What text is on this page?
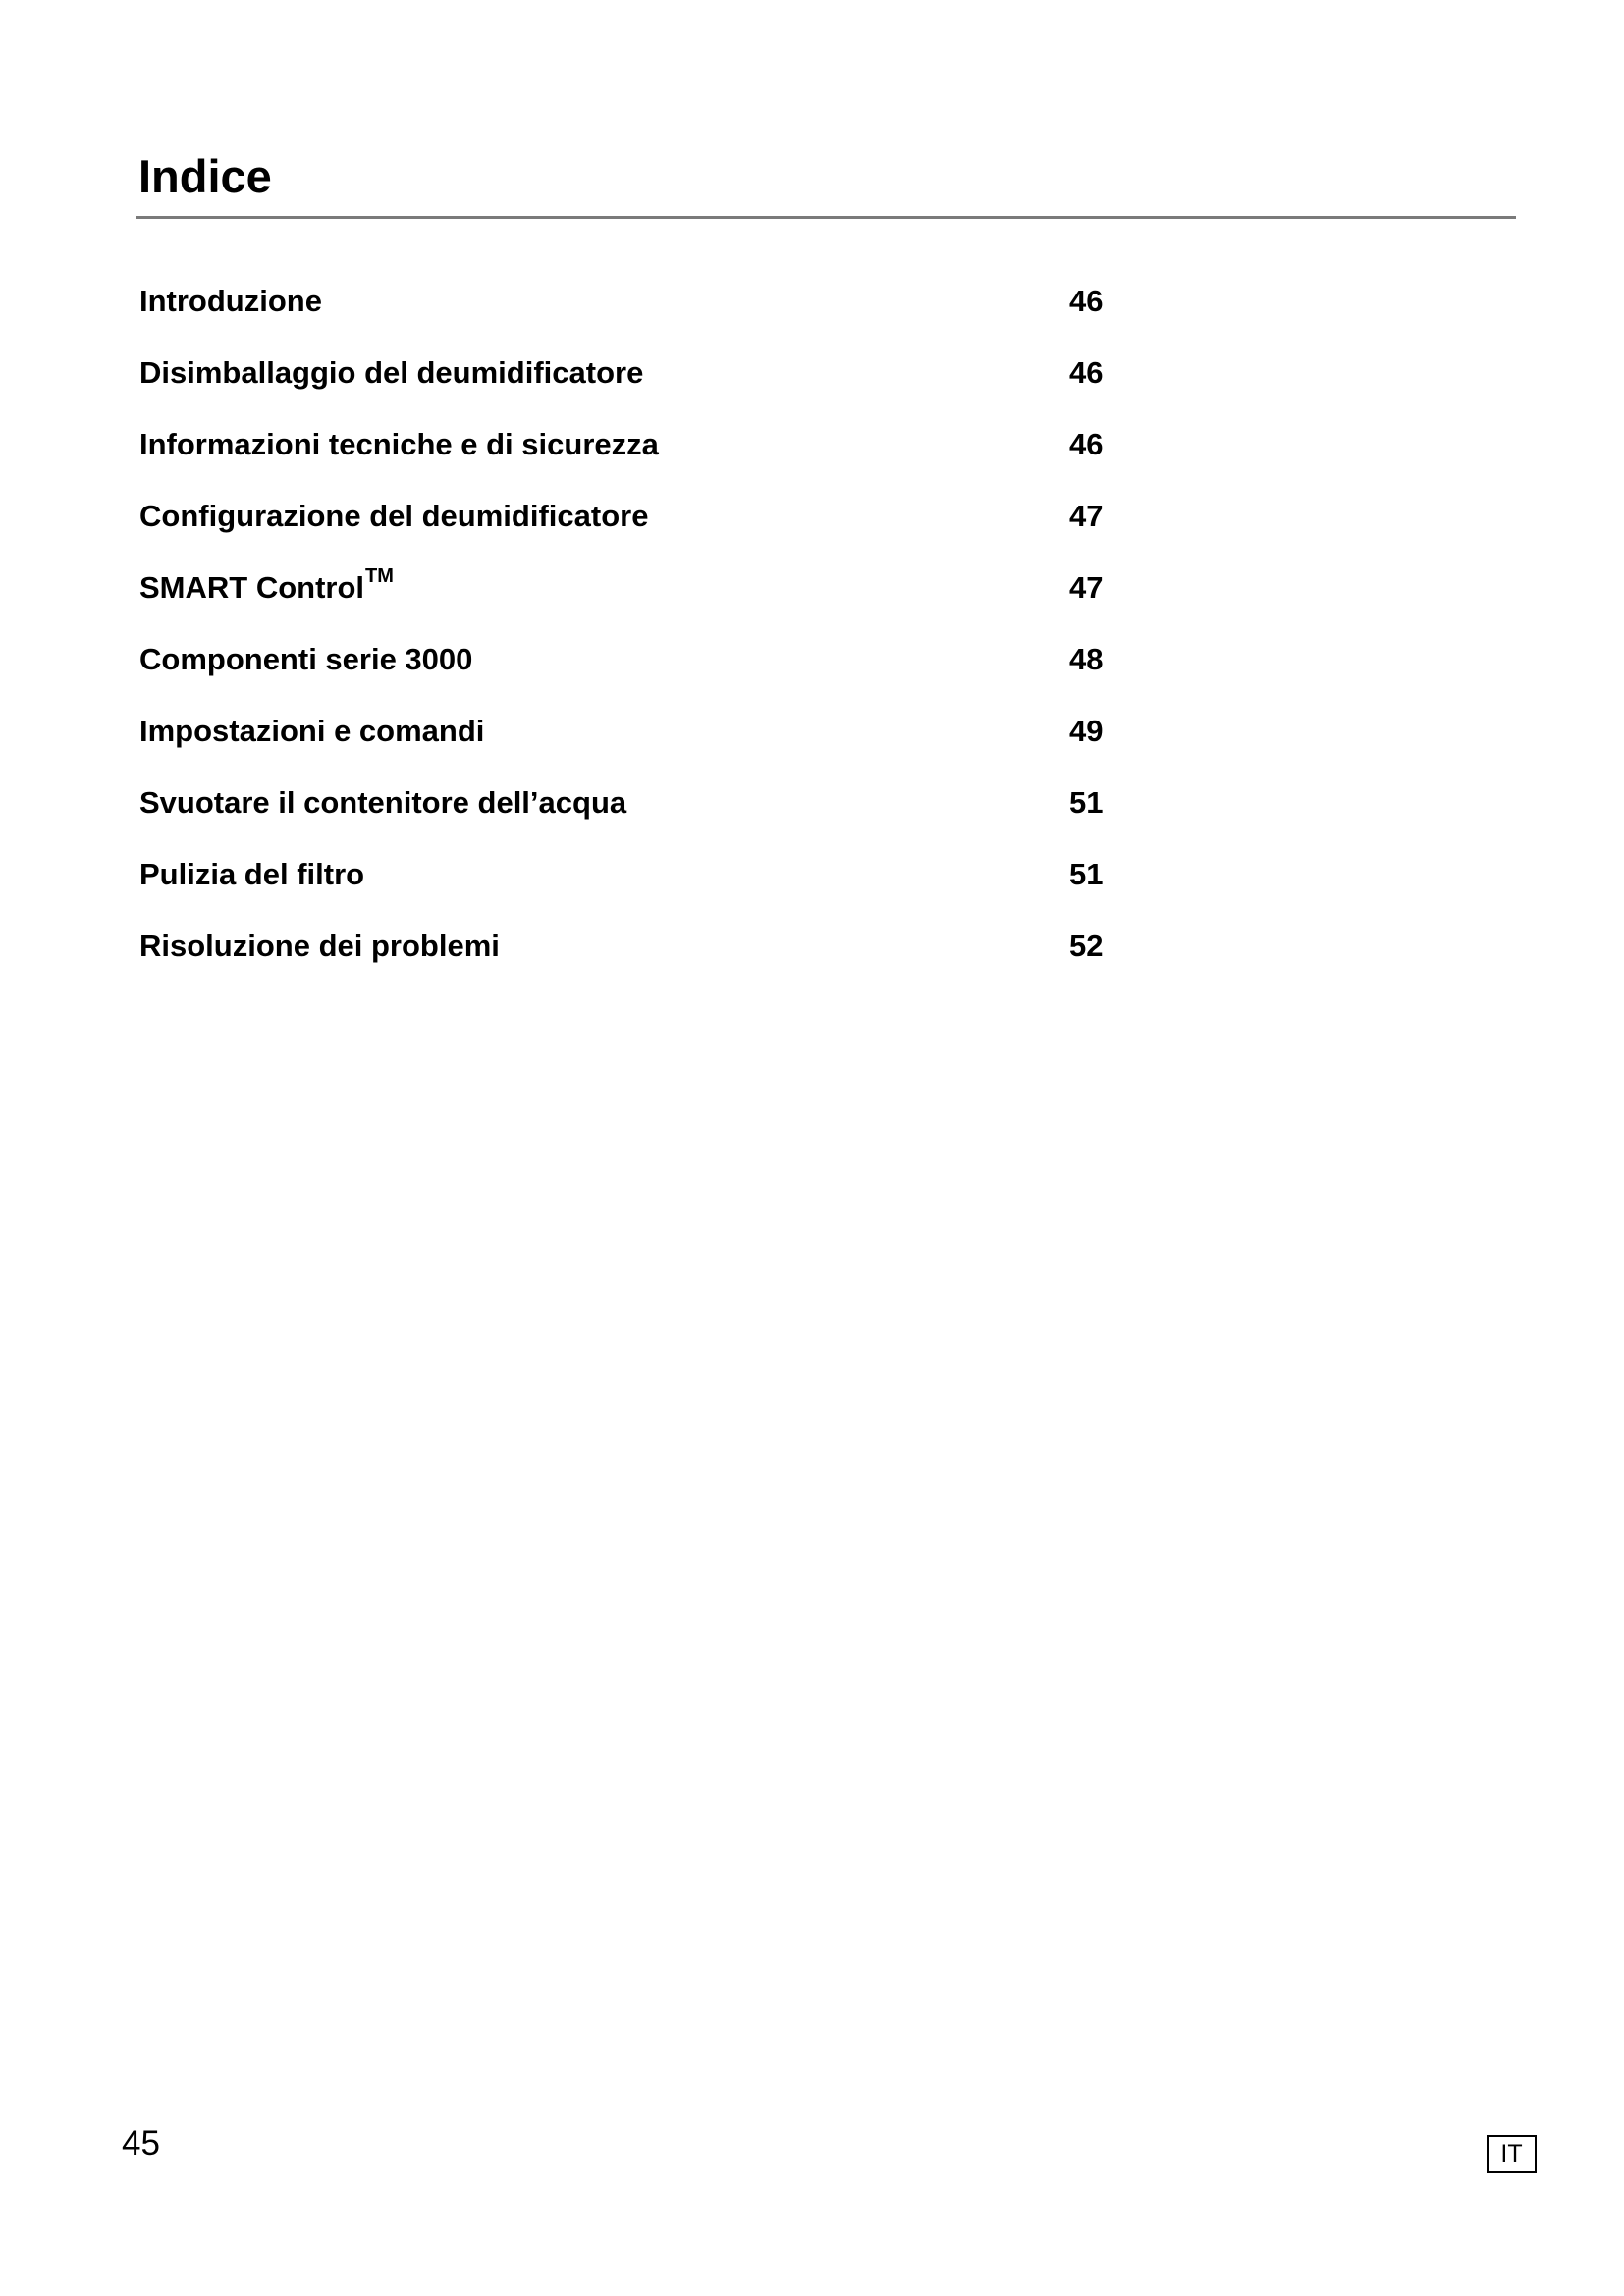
Indice
Introduzione	46
Disimballaggio del deumidificatore	46
Informazioni tecniche e di sicurezza	46
Configurazione del deumidificatore	47
SMART Control™	47
Componenti serie 3000	48
Impostazioni e comandi	49
Svuotare il contenitore dell’acqua	51
Pulizia del filtro	51
Risoluzione dei problemi	52
45	IT
